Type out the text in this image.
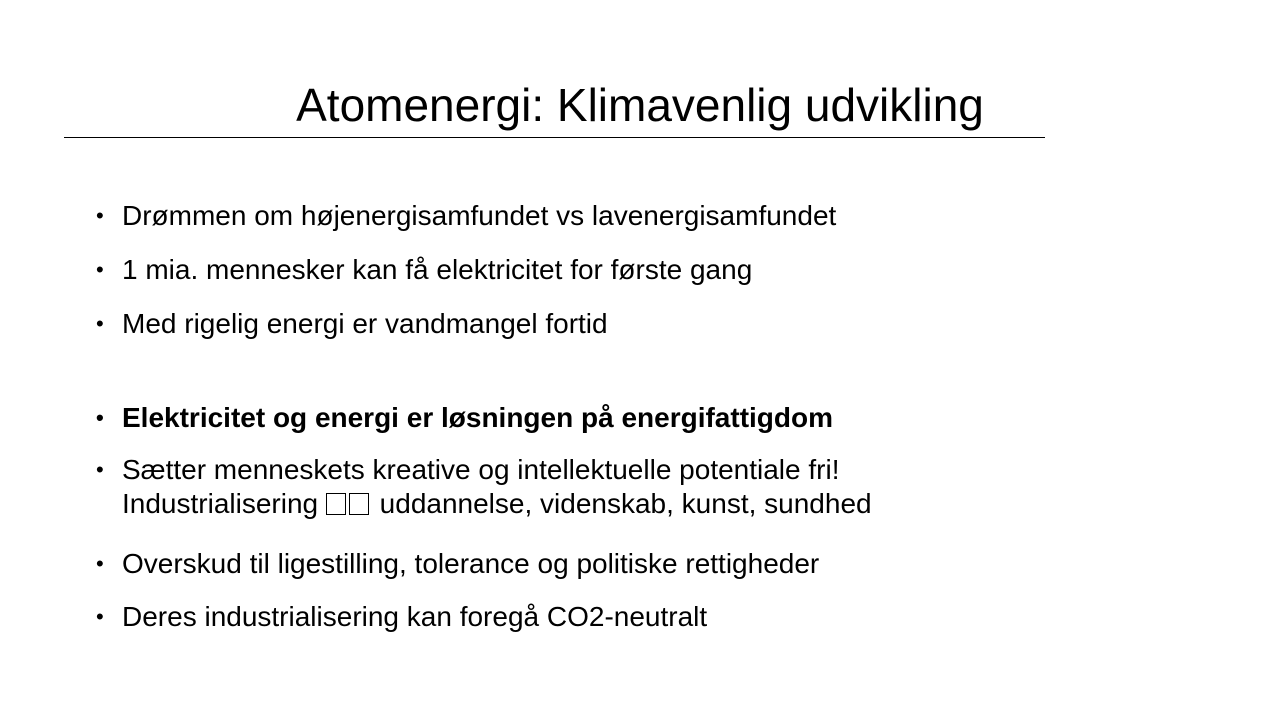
Atomenergi: Klimavenlig udvikling
• Drømmen om højenergisamfundet vs lavenergisamfundet
• 1 mia. mennesker kan få elektricitet for første gang
• Med rigelig energi er vandmangel fortid
• Elektricitet og energi er løsningen på energifattigdom
• Sætter menneskets kreative og intellektuelle potentiale fri!
Industrialisering uddannelse, videnskab, kunst, sundhed
• Overskud til ligestilling, tolerance og politiske rettigheder
• Deres industrialisering kan foregå CO2-neutralt
